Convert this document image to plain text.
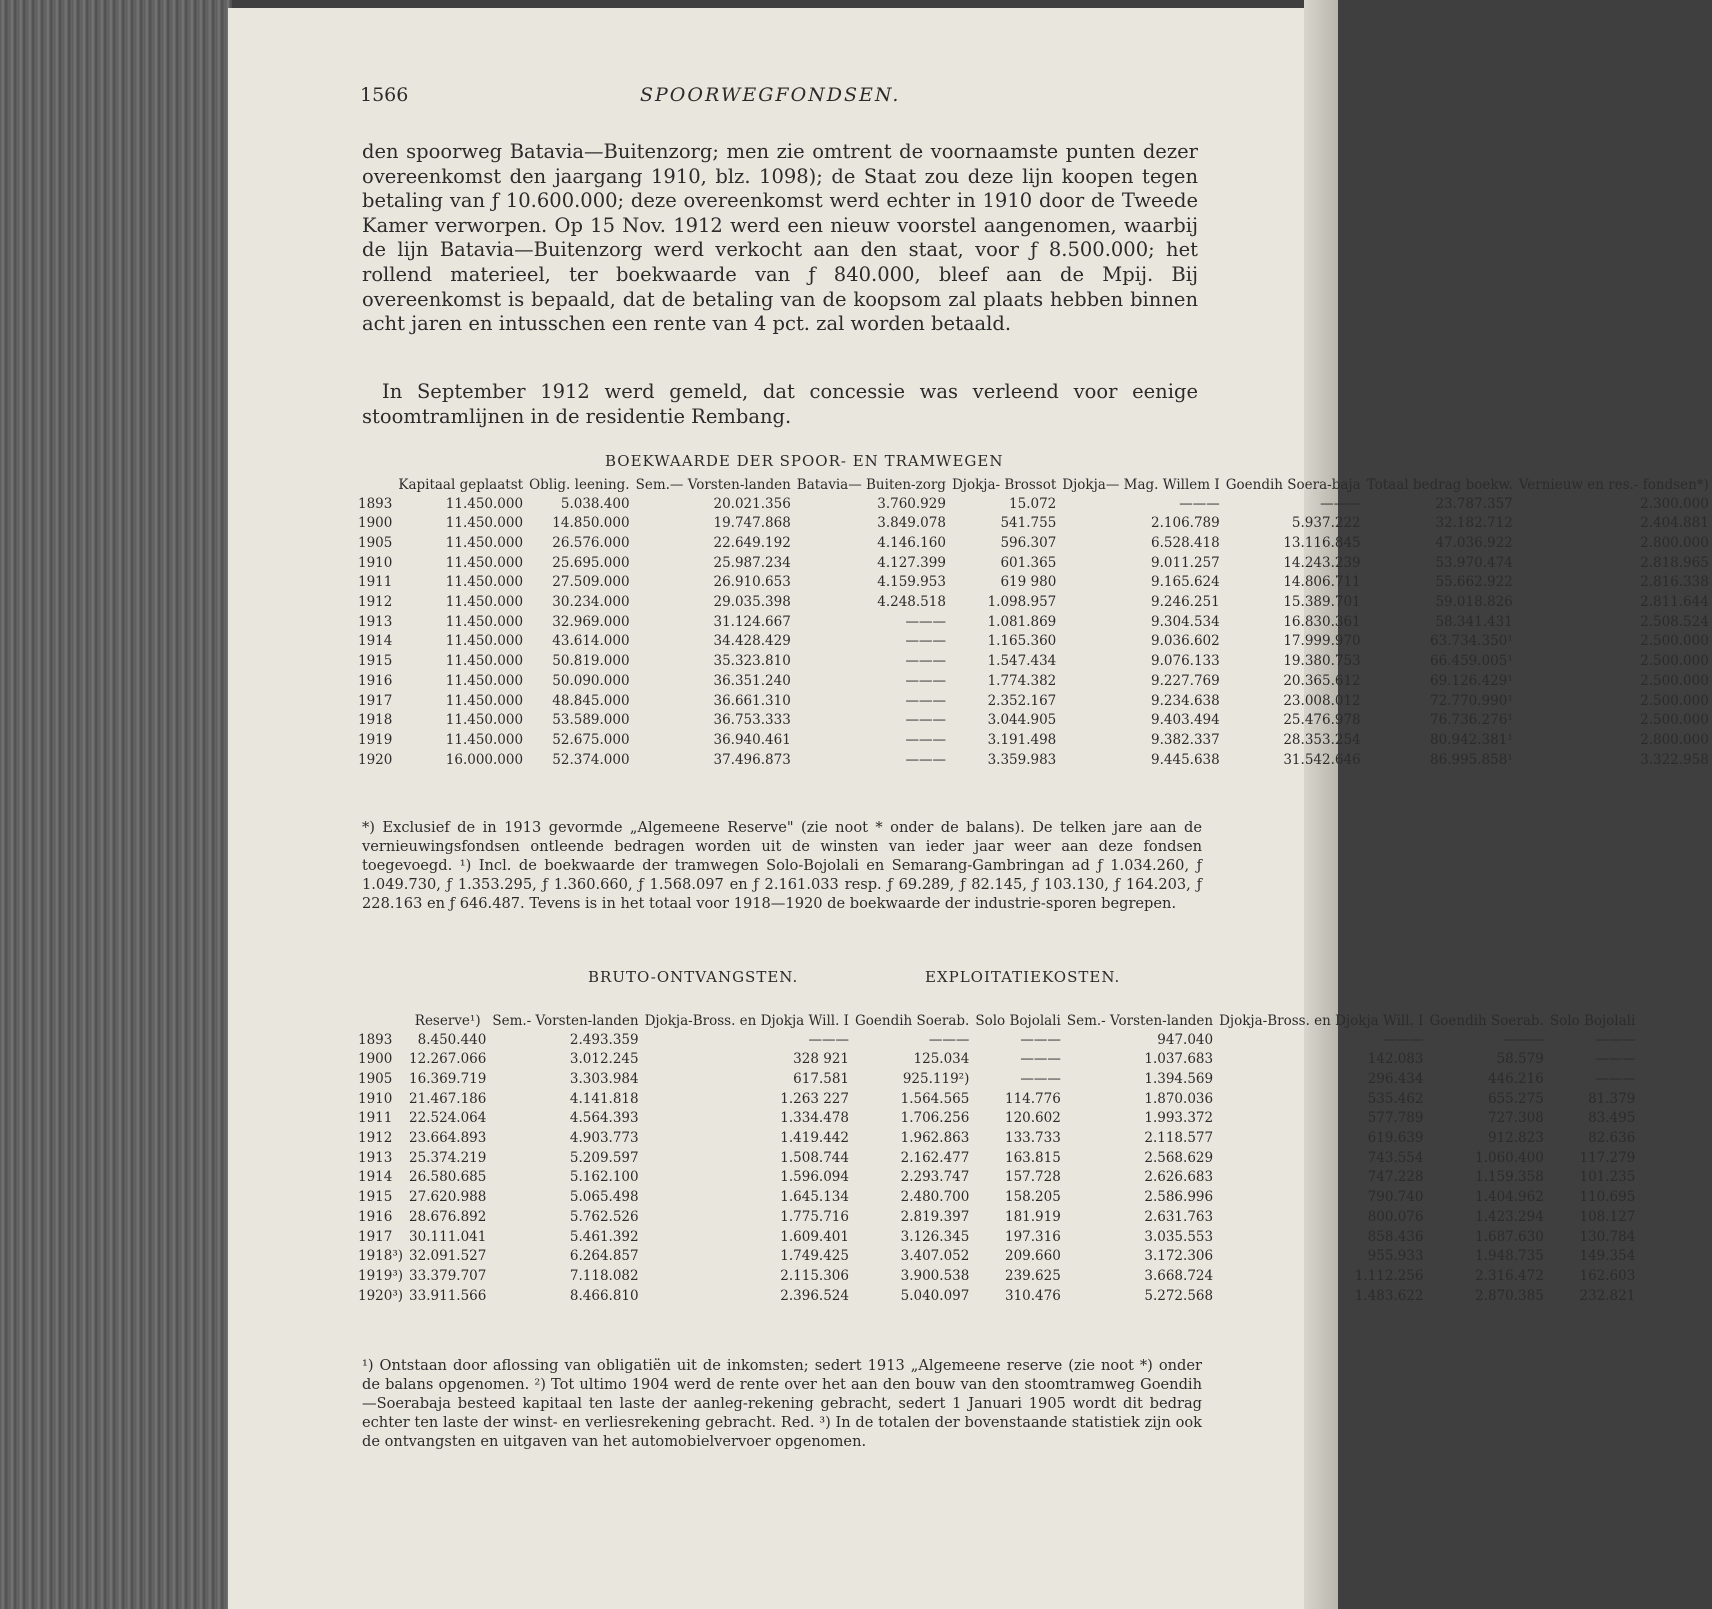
1566	SPOORWEGFONDSEN.

den spoorweg Batavia—Buitenzorg; men zie omtrent de voornaamste punten dezer overeenkomst den jaargang 1910, blz. 1098); de Staat zou deze lijn koopen tegen betaling van ƒ 10.600.000; deze overeenkomst werd echter in 1910 door de Tweede Kamer verworpen. Op 15 Nov. 1912 werd een nieuw voorstel aangenomen, waarbij de lijn Batavia—Buitenzorg werd verkocht aan den staat, voor ƒ 8.500.000; het rollend materieel, ter boekwaarde van ƒ 840.000, bleef aan de Mpij. Bij overeenkomst is bepaald, dat de betaling van de koopsom zal plaats hebben binnen acht jaren en intusschen een rente van 4 pct. zal worden betaald.

In September 1912 werd gemeld, dat concessie was verleend voor eenige stoomtramlijnen in de residentie Rembang.

BOEKWAARDE DER SPOOR- EN TRAMWEGEN
	Kapitaal geplaatst	Oblig. leening.	Sem.— Vorsten-landen	Batavia— Buiten-zorg	Djokja- Brossot	Djokja— Mag. Willem I	Goendih Soera-baja	Totaal bedrag boekw.	Vernieuw en res.- fondsen*)
1893	11.450.000	5.038.400	20.021.356	3.760.929	15.072	———	———	23.787.357	2.300.000
1900	11.450.000	14.850.000	19.747.868	3.849.078	541.755	2.106.789	5.937.222	32.182.712	2.404.881
1905	11.450.000	26.576.000	22.649.192	4.146.160	596.307	6.528.418	13.116.845	47.036.922	2.800.000
1910	11.450.000	25.695.000	25.987.234	4.127.399	601.365	9.011.257	14.243.239	53.970.474	2.818.965
1911	11.450.000	27.509.000	26.910.653	4.159.953	619 980	9.165.624	14.806.711	55.662.922	2.816.338
1912	11.450.000	30.234.000	29.035.398	4.248.518	1.098.957	9.246.251	15.389.701	59.018.826	2.811.644
1913	11.450.000	32.969.000	31.124.667	———	1.081.869	9.304.534	16.830.361	58.341.431	2.508.524
1914	11.450.000	43.614.000	34.428.429	———	1.165.360	9.036.602	17.999.970	63.734.350¹	2.500.000
1915	11.450.000	50.819.000	35.323.810	———	1.547.434	9.076.133	19.380.753	66.459.005¹	2.500.000
1916	11.450.000	50.090.000	36.351.240	———	1.774.382	9.227.769	20.365.612	69.126.429¹	2.500.000
1917	11.450.000	48.845.000	36.661.310	———	2.352.167	9.234.638	23.008.012	72.770.990¹	2.500.000
1918	11.450.000	53.589.000	36.753.333	———	3.044.905	9.403.494	25.476.978	76.736.276¹	2.500.000
1919	11.450.000	52.675.000	36.940.461	———	3.191.498	9.382.337	28.353.254	80.942.381¹	2.800.000
1920	16.000.000	52.374.000	37.496.873	———	3.359.983	9.445.638	31.542.646	86.995.858¹	3.322.958

*) Exclusief de in 1913 gevormde „Algemeene Reserve" (zie noot * onder de balans). De telken jare aan de vernieuwingsfondsen ontleende bedragen worden uit de winsten van ieder jaar weer aan deze fondsen toegevoegd. ¹) Incl. de boekwaarde der tramwegen Solo-Bojolali en Semarang-Gambringan ad ƒ 1.034.260, ƒ 1.049.730, ƒ 1.353.295, ƒ 1.360.660, ƒ 1.568.097 en ƒ 2.161.033 resp. ƒ 69.289, ƒ 82.145, ƒ 103.130, ƒ 164.203, ƒ 228.163 en ƒ 646.487. Tevens is in het totaal voor 1918—1920 de boekwaarde der industrie-sporen begrepen.

BRUTO-ONTVANGSTEN.	EXPLOITATIEKOSTEN.
	Reserve¹)	Sem.- Vorsten-landen	Djokja-Bross. en Djokja Will. I	Goendih Soerab.	Solo Bojolali	Sem.- Vorsten-landen	Djokja-Bross. en Djokja Will. I	Goendih Soerab.	Solo Bojolali
1893	8.450.440	2.493.359	———	———	———	947.040	———	———	———
1900	12.267.066	3.012.245	328 921	125.034	———	1.037.683	142.083	58.579	———
1905	16.369.719	3.303.984	617.581	925.119²)	———	1.394.569	296.434	446.216	———
1910	21.467.186	4.141.818	1.263 227	1.564.565	114.776	1.870.036	535.462	655.275	81.379
1911	22.524.064	4.564.393	1.334.478	1.706.256	120.602	1.993.372	577.789	727.308	83.495
1912	23.664.893	4.903.773	1.419.442	1.962.863	133.733	2.118.577	619.639	912.823	82.636
1913	25.374.219	5.209.597	1.508.744	2.162.477	163.815	2.568.629	743.554	1.060.400	117.279
1914	26.580.685	5.162.100	1.596.094	2.293.747	157.728	2.626.683	747.228	1.159.358	101.235
1915	27.620.988	5.065.498	1.645.134	2.480.700	158.205	2.586.996	790.740	1.404.962	110.695
1916	28.676.892	5.762.526	1.775.716	2.819.397	181.919	2.631.763	800.076	1.423.294	108.127
1917	30.111.041	5.461.392	1.609.401	3.126.345	197.316	3.035.553	858.436	1.687.630	130.784
1918³)	32.091.527	6.264.857	1.749.425	3.407.052	209.660	3.172.306	955.933	1.948.735	149.354
1919³)	33.379.707	7.118.082	2.115.306	3.900.538	239.625	3.668.724	1.112.256	2.316.472	162.603
1920³)	33.911.566	8.466.810	2.396.524	5.040.097	310.476	5.272.568	1.483.622	2.870.385	232.821

¹) Ontstaan door aflossing van obligatiën uit de inkomsten; sedert 1913 „Algemeene reserve (zie noot *) onder de balans opgenomen. ²) Tot ultimo 1904 werd de rente over het aan den bouw van den stoomtramweg Goendih—Soerabaja besteed kapitaal ten laste der aanleg-rekening gebracht, sedert 1 Januari 1905 wordt dit bedrag echter ten laste der winst- en verliesrekening gebracht. Red. ³) In de totalen der bovenstaande statistiek zijn ook de ontvangsten en uitgaven van het automobielvervoer opgenomen.
